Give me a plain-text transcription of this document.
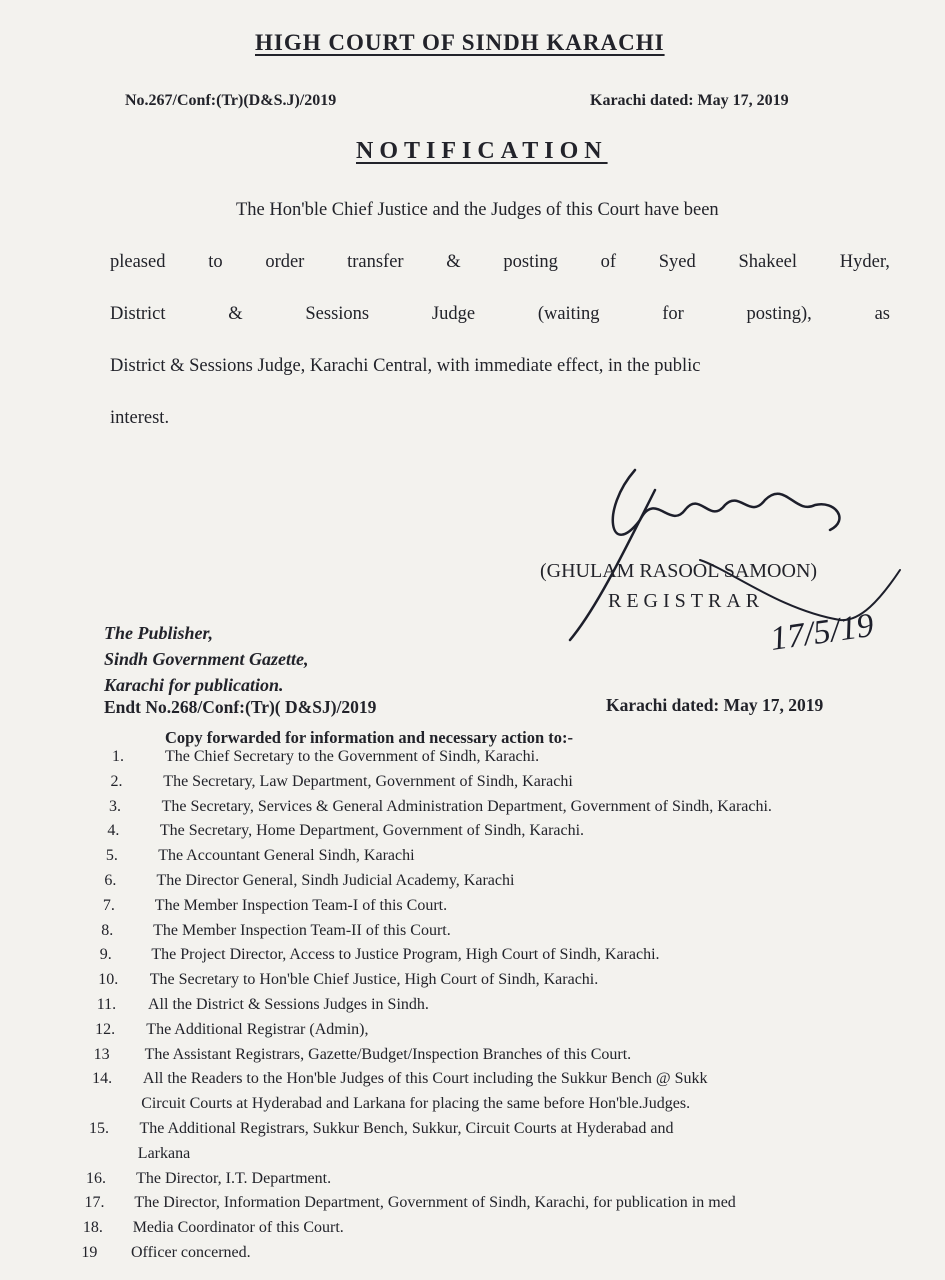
HIGH COURT OF SINDH KARACHI
No.267/Conf:(Tr)(D&S.J)/2019	Karachi dated: May 17, 2019
NOTIFICATION
The Hon'ble Chief Justice and the Judges of this Court have been
pleased to order transfer & posting of Syed Shakeel Hyder,
District	&	Sessions	Judge	(waiting	for	posting),	as
District & Sessions Judge, Karachi Central, with immediate effect, in the public
interest.
17/5/19
(GHULAM RASOOL SAMOON)
REGISTRAR
The Publisher,
Sindh Government Gazette,
Karachi for publication.
Endt No.268/Conf:(Tr)( D&SJ)/2019	Karachi dated: May 17, 2019
Copy forwarded for information and necessary action to:-
1.	The Chief Secretary to the Government of Sindh, Karachi.
2.	The Secretary, Law Department, Government of Sindh, Karachi
3.	The Secretary, Services & General Administration Department, Government of Sindh, Karachi.
4.	The Secretary, Home Department, Government of Sindh, Karachi.
5.	The Accountant General Sindh, Karachi
6.	The Director General, Sindh Judicial Academy, Karachi
7. The Member Inspection Team-I of this Court.
8. The Member Inspection Team-II of this Court.
9. The Project Director, Access to Justice Program, High Court of Sindh, Karachi.
10. The Secretary to Hon'ble Chief Justice, High Court of Sindh, Karachi.
11. All the District & Sessions Judges in Sindh.
12. The Additional Registrar (Admin),
13 The Assistant Registrars, Gazette/Budget/Inspection Branches of this Court.
14. All the Readers to the Hon'ble Judges of this Court including the Sukkur Bench @ Sukk
Circuit Courts at Hyderabad and Larkana for placing the same before Hon'ble.Judges.
15. The Additional Registrars, Sukkur Bench, Sukkur, Circuit Courts at Hyderabad and
Larkana
16. The Director, I.T. Department.
17. The Director, Information Department, Government of Sindh, Karachi, for publication in med
18. Media Coordinator of this Court.
19 Officer concerned.
